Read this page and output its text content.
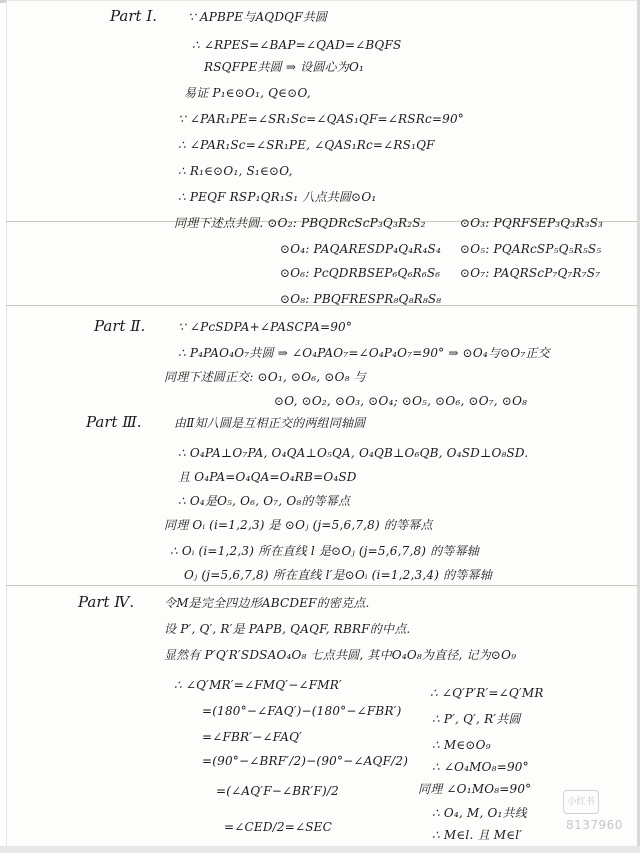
Part Ⅰ.	∵ APBPE与AQDQF共圆
∴ ∠RPES=∠BAP=∠QAD=∠BQFS
RSQFPE共圆 ⇒ 设圆心为O₁
易证 P₁∈⊙O₁, Q∈⊙O,
∵ ∠PAR₁PE=∠SR₁Sc=∠QAS₁QF=∠RSRc=90°
∴ ∠PAR₁Sc=∠SR₁PE, ∠QAS₁Rc=∠RS₁QF
∴ R₁∈⊙O₁, S₁∈⊙O,
∴ PEQF RSP₁QR₁S₁ 八点共圆⊙O₁
同理下述点共圆. ⊙O₂: PBQDRcScP₃Q₃R₂S₂	⊙O₃: PQRFSEP₃Q₃R₃S₃
⊙O₄: PAQARESDP₄Q₄R₄S₄ ⊙O₅: PQARcSP₅Q₅R₅S₅
⊙O₆: PcQDRBSEP₆Q₆R₆S₆ ⊙O₇: PAQRScP₇Q₇R₇S₇
⊙O₈: PBQFRESPR₈Q₈R₈S₈
Part Ⅱ.	∵ ∠PcSDPA+∠PASCPA=90°
∴ P₄PAO₄O₇共圆 ⇒ ∠O₄PAO₇=∠O₄P₄O₇=90° ⇒ ⊙O₄与⊙O₇正交
同理下述圆正交: ⊙O₁, ⊙O₆, ⊙O₈ 与
⊙O, ⊙O₂, ⊙O₃, ⊙O₄; ⊙O₅, ⊙O₆, ⊙O₇, ⊙O₈
Part Ⅲ.	由Ⅱ知八圆是互相正交的两组同轴圆
∴ O₄PA⊥O₇PA, O₄QA⊥O₅QA, O₄QB⊥O₆QB, O₄SD⊥O₈SD.
且 O₄PA=O₄QA=O₄RB=O₄SD
∴ O₄是O₅, O₆, O₇, O₈的等幂点
同理 Oᵢ (i=1,2,3) 是 ⊙Oⱼ (j=5,6,7,8) 的等幂点
∴ Oᵢ (i=1,2,3) 所在直线 l 是⊙Oⱼ (j=5,6,7,8) 的等幂轴
Oⱼ (j=5,6,7,8) 所在直线 l′是⊙Oᵢ (i=1,2,3,4) 的等幂轴
Part Ⅳ. 令M是完全四边形ABCDEF的密克点.
设 P′, Q′, R′是 PAPB, QAQF, RBRF的中点.
显然有 P′Q′R′SDSAO₄O₈ 七点共圆, 其中O₄O₈为直径, 记为⊙O₉
∴ ∠Q′MR′=∠FMQ′−∠FMR′
=(180°−∠FAQ′)−(180°−∠FBR′)
=∠FBR′−∠FAQ′
=(90°−∠BRF′/2)−(90°−∠AQF/2)
=(∠AQ′F−∠BR′F)/2
=∠CED/2=∠SEC
∴ ∠Q′P′R′=∠Q′MR
∴ P′, Q′, R′共圆
∴ M∈⊙O₉
∴ ∠O₄MO₈=90°
同理 ∠O₁MO₈=90°
∴ O₄, M, O₁共线
∴ M∈l. 且 M∈l′
小红书
8137960
